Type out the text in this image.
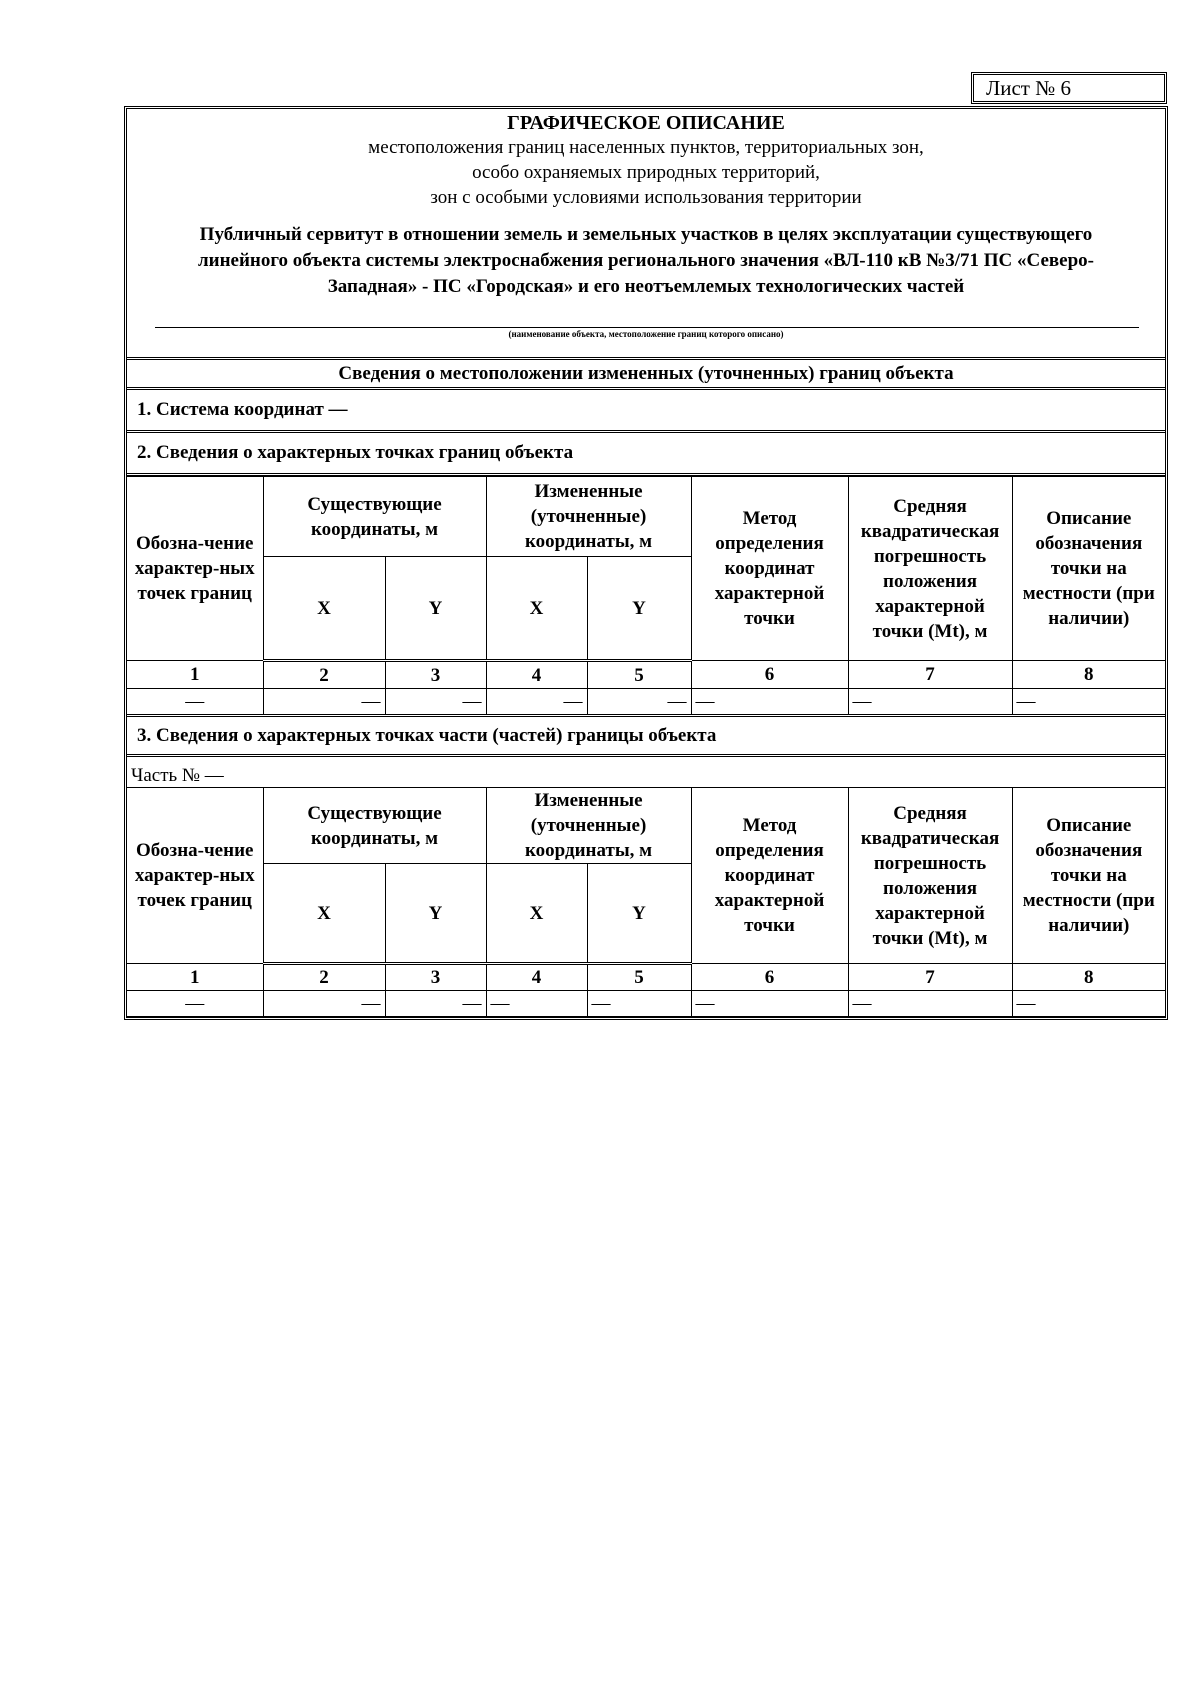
Лист № 6
ГРАФИЧЕСКОЕ ОПИСАНИЕ
местоположения границ населенных пунктов, территориальных зон,
особо охраняемых природных территорий,
зон с особыми условиями использования территории
Публичный сервитут в отношении земель и земельных участков в целях эксплуатации существующего линейного объекта системы электроснабжения регионального значения «ВЛ-110 кВ №3/71 ПС «Северо-Западная» - ПС «Городская» и его неотъемлемых технологических частей
(наименование объекта, местоположение границ которого описано)
Сведения о местоположении измененных (уточненных) границ объекта
1. Система координат —
2. Сведения о характерных точках границ объекта
Обозна-чение характер-ных точек границ	Существующие координаты, м		Измененные (уточненные) координаты, м		Метод определения координат характерной точки	Средняя квадратическая погрешность положения характерной точки (Mt), м	Описание обозначения точки на местности (при наличии)
	X	Y	X	Y			
1	2	3	4	5	6	7	8
—	—	—	—	—	—	—	—
3. Сведения о характерных точках части (частей) границы объекта
Часть № —
Обозна-чение характер-ных точек границ	Существующие координаты, м		Измененные (уточненные) координаты, м		Метод определения координат характерной точки	Средняя квадратическая погрешность положения характерной точки (Mt), м	Описание обозначения точки на местности (при наличии)
	X	Y	X	Y			
1	2	3	4	5	6	7	8
—	—	—	—	—	—	—	—
